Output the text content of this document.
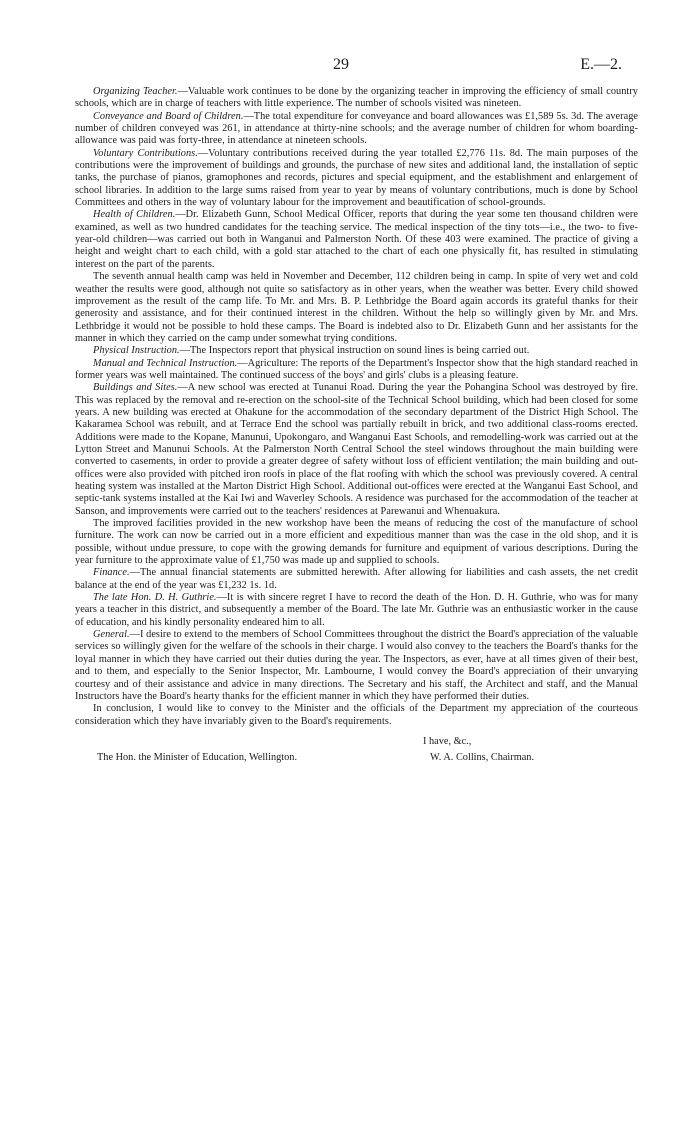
29	E.—2.

Organizing Teacher.—Valuable work continues to be done by the organizing teacher in improving the efficiency of small country schools, which are in charge of teachers with little experience. The number of schools visited was nineteen.

Conveyance and Board of Children.—The total expenditure for conveyance and board allowances was £1,589 5s. 3d. The average number of children conveyed was 261, in attendance at thirty-nine schools; and the average number of children for whom boarding-allowance was paid was forty-three, in attendance at nineteen schools.

Voluntary Contributions.—Voluntary contributions received during the year totalled £2,776 11s. 8d. The main purposes of the contributions were the improvement of buildings and grounds, the purchase of new sites and additional land, the installation of septic tanks, the purchase of pianos, gramophones and records, pictures and special equipment, and the establishment and enlargement of school libraries. In addition to the large sums raised from year to year by means of voluntary contributions, much is done by School Committees and others in the way of voluntary labour for the improvement and beautification of school-grounds.

Health of Children.—Dr. Elizabeth Gunn, School Medical Officer, reports that during the year some ten thousand children were examined, as well as two hundred candidates for the teaching service. The medical inspection of the tiny tots—i.e., the two- to five-year-old children—was carried out both in Wanganui and Palmerston North. Of these 403 were examined. The practice of giving a height and weight chart to each child, with a gold star attached to the chart of each one physically fit, has resulted in stimulating interest on the part of the parents.

The seventh annual health camp was held in November and December, 112 children being in camp. In spite of very wet and cold weather the results were good, although not quite so satisfactory as in other years, when the weather was better. Every child showed improvement as the result of the camp life. To Mr. and Mrs. B. P. Lethbridge the Board again accords its grateful thanks for their generosity and assistance, and for their continued interest in the children. Without the help so willingly given by Mr. and Mrs. Lethbridge it would not be possible to hold these camps. The Board is indebted also to Dr. Elizabeth Gunn and her assistants for the manner in which they carried on the camp under somewhat trying conditions.

Physical Instruction.—The Inspectors report that physical instruction on sound lines is being carried out.

Manual and Technical Instruction.—Agriculture: The reports of the Department's Inspector show that the high standard reached in former years was well maintained. The continued success of the boys' and girls' clubs is a pleasing feature.

Buildings and Sites.—A new school was erected at Tunanui Road. During the year the Pohangina School was destroyed by fire. This was replaced by the removal and re-erection on the school-site of the Technical School building, which had been closed for some years. A new building was erected at Ohakune for the accommodation of the secondary department of the District High School. The Kakaramea School was rebuilt, and at Terrace End the school was partially rebuilt in brick, and two additional class-rooms erected. Additions were made to the Kopane, Manunui, Upokongaro, and Wanganui East Schools, and remodelling-work was carried out at the Lytton Street and Manunui Schools. At the Palmerston North Central School the steel windows throughout the main building were converted to casements, in order to provide a greater degree of safety without loss of efficient ventilation; the main building and out-offices were also provided with pitched iron roofs in place of the flat roofing with which the school was previously covered. A central heating system was installed at the Marton District High School. Additional out-offices were erected at the Wanganui East School, and septic-tank systems installed at the Kai Iwi and Waverley Schools. A residence was purchased for the accommodation of the teacher at Sanson, and improvements were carried out to the teachers' residences at Parewanui and Whenuakura.

The improved facilities provided in the new workshop have been the means of reducing the cost of the manufacture of school furniture. The work can now be carried out in a more efficient and expeditious manner than was the case in the old shop, and it is possible, without undue pressure, to cope with the growing demands for furniture and equipment of various descriptions. During the year furniture to the approximate value of £1,750 was made up and supplied to schools.

Finance.—The annual financial statements are submitted herewith. After allowing for liabilities and cash assets, the net credit balance at the end of the year was £1,232 1s. 1d.

The late Hon. D. H. Guthrie.—It is with sincere regret I have to record the death of the Hon. D. H. Guthrie, who was for many years a teacher in this district, and subsequently a member of the Board. The late Mr. Guthrie was an enthusiastic worker in the cause of education, and his kindly personality endeared him to all.

General.—I desire to extend to the members of School Committees throughout the district the Board's appreciation of the valuable services so willingly given for the welfare of the schools in their charge. I would also convey to the teachers the Board's thanks for the loyal manner in which they have carried out their duties during the year. The Inspectors, as ever, have at all times given of their best, and to them, and especially to the Senior Inspector, Mr. Lambourne, I would convey the Board's appreciation of their unvarying courtesy and of their assistance and advice in many directions. The Secretary and his staff, the Architect and staff, and the Manual Instructors have the Board's hearty thanks for the efficient manner in which they have performed their duties.

In conclusion, I would like to convey to the Minister and the officials of the Department my appreciation of the courteous consideration which they have invariably given to the Board's requirements.

I have, &c.,
The Hon. the Minister of Education, Wellington.	W. A. Collins, Chairman.
